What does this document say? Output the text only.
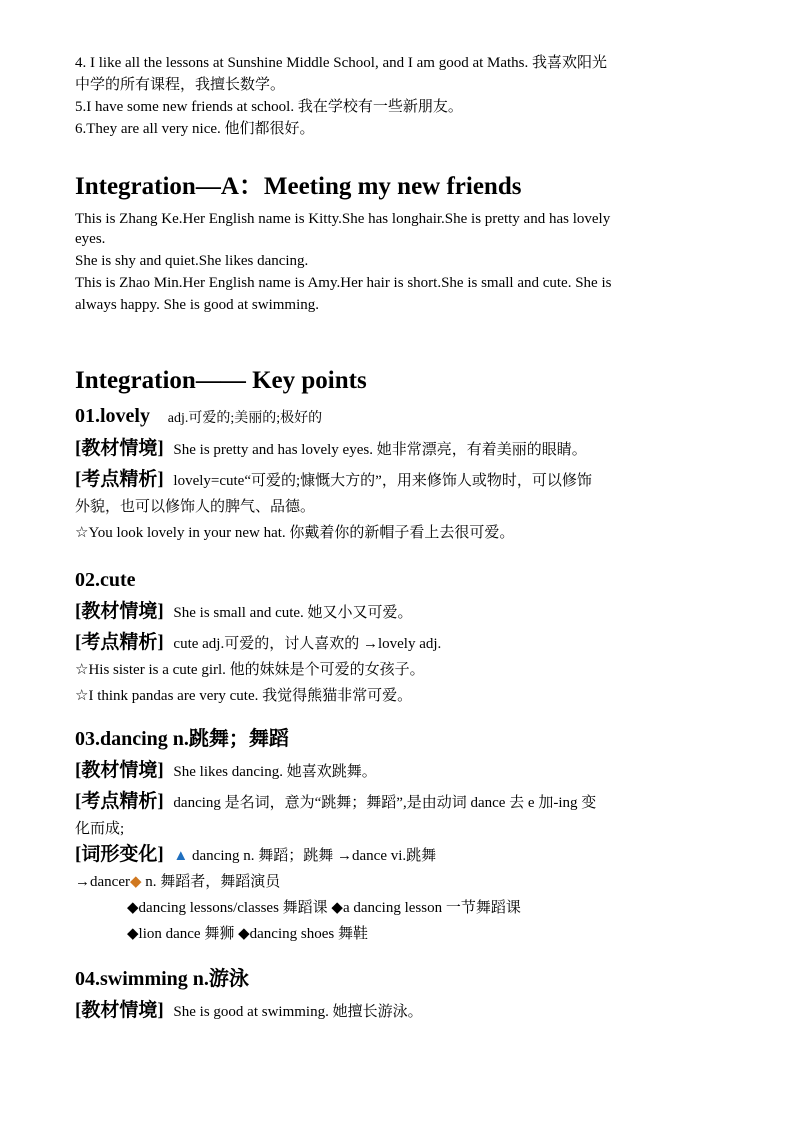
4. I like all the lessons at Sunshine Middle School, and I am good at Maths. 我喜欢阳光

中学的所有课程，我擅长数学。

5.I have some new friends at school. 我在学校有一些新朋友。

6.They are all very nice. 他们都很好。

Integration—A：Meeting my new friends

This is Zhang Ke.Her English name is Kitty.She has longhair.She is pretty and has lovely

eyes.

She is shy and quiet.She likes dancing.

This is Zhao Min.Her English name is Amy.Her hair is short.She is small and cute. She is

always happy. She is good at swimming.

Integration—— Key points

01.lovely adj.可爱的;美丽的;极好的

[教材情境] She is pretty and has lovely eyes. 她非常漂亮，有着美丽的眼睛。

[考点精析] lovely=cute“可爱的;慷慨大方的”，用来修饰人或物时，可以修饰

外貌，也可以修饰人的脾气、品德。

☆You look lovely in your new hat. 你戴着你的新帽子看上去很可爱。

02.cute

[教材情境] She is small and cute. 她又小又可爱。

[考点精析] cute adj.可爱的，讨人喜欢的 →lovely adj.

☆His sister is a cute girl. 他的妹妹是个可爱的女孩子。

☆I think pandas are very cute. 我觉得熊猫非常可爱。

03.dancing n.跳舞；舞蹈

[教材情境] She likes dancing. 她喜欢跳舞。

[考点精析] dancing 是名词，意为“跳舞；舞蹈”,是由动词 dance 去 e 加-ing 变

化而成;

[词形变化] ▲ dancing n. 舞蹈；跳舞 →dance vi.跳舞

→dancer◆ n. 舞蹈者，舞蹈演员

◆dancing lessons/classes 舞蹈课 ◆a dancing lesson 一节舞蹈课

◆lion dance 舞狮 ◆dancing shoes 舞鞋

04.swimming n.游泳

[教材情境] She is good at swimming. 她擅长游泳。
